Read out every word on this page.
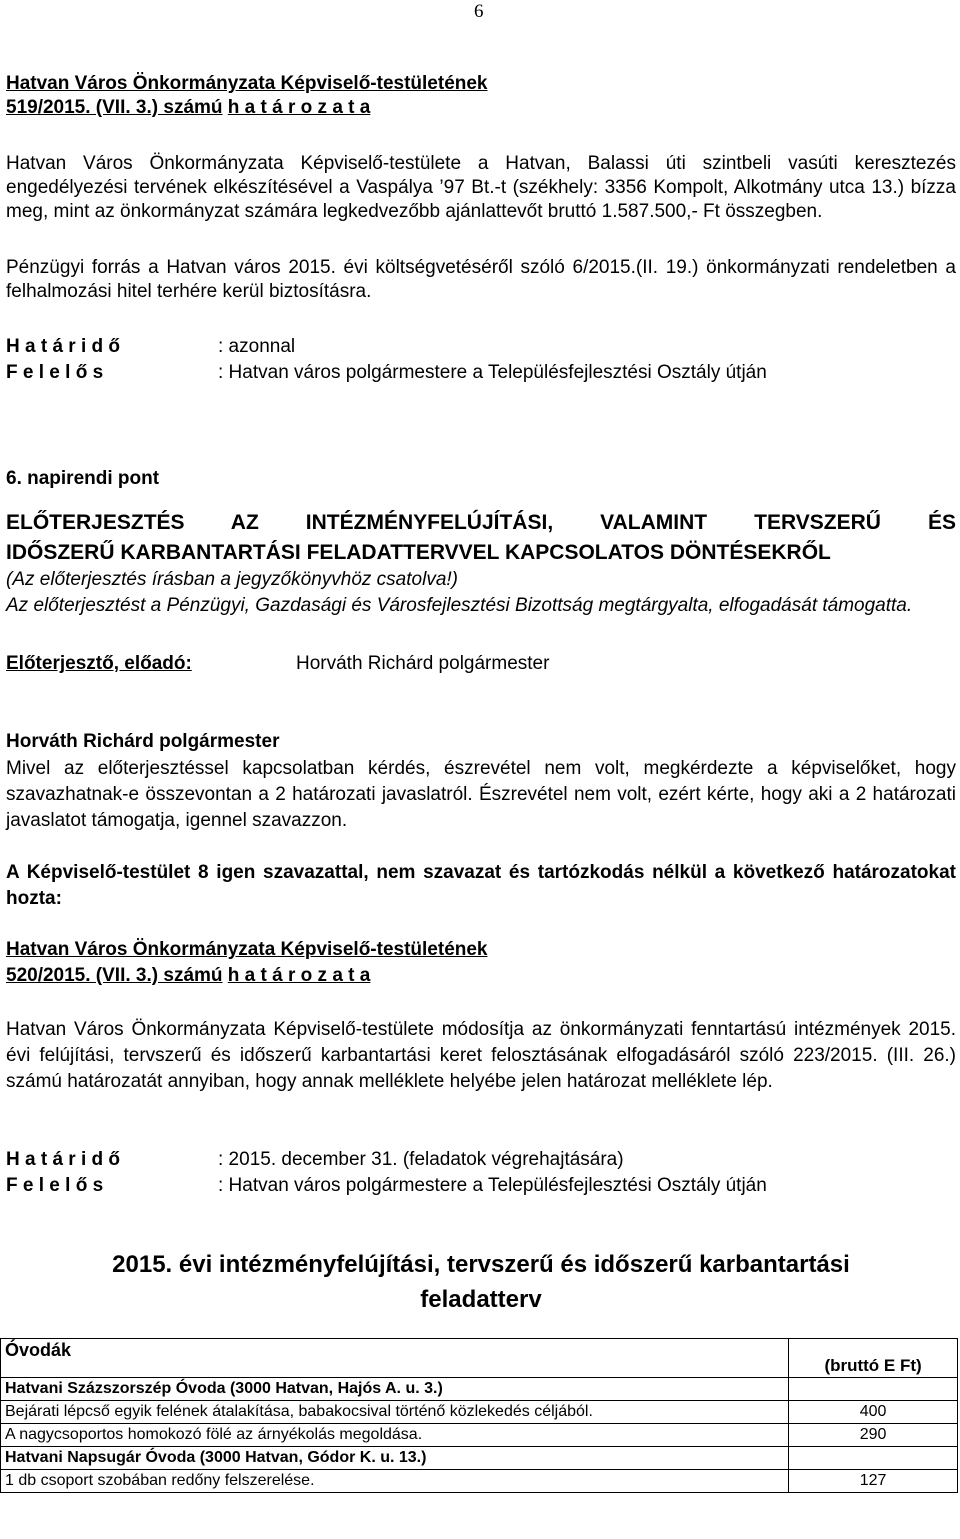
6
Hatvan Város Önkormányzata Képviselő-testületének
519/2015. (VII. 3.) számú h a t á r o z a t a
Hatvan Város Önkormányzata Képviselő-testülete a Hatvan, Balassi úti szintbeli vasúti keresztezés engedélyezési tervének elkészítésével a Vaspálya ’97 Bt.-t (székhely: 3356 Kompolt, Alkotmány utca 13.) bízza meg, mint az önkormányzat számára legkedvezőbb ajánlattevőt bruttó 1.587.500,- Ft összegben.
Pénzügyi forrás a Hatvan város 2015. évi költségvetéséről szóló 6/2015.(II. 19.) önkormányzati rendeletben a felhalmozási hitel terhére kerül biztosításra.
H a t á r i d ő	: azonnal
F e l e l ő s	: Hatvan város polgármestere a Településfejlesztési Osztály útján
6. napirendi pont
ELŐTERJESZTÉS AZ INTÉZMÉNYFELÚJÍTÁSI, VALAMINT TERVSZERŰ ÉS
IDŐSZERŰ KARBANTARTÁSI FELADATTERVVEL KAPCSOLATOS DÖNTÉSEKRŐL
(Az előterjesztés írásban a jegyzőkönyvhöz csatolva!)
Az előterjesztést a Pénzügyi, Gazdasági és Városfejlesztési Bizottság megtárgyalta, elfogadását támogatta.
Előterjesztő, előadó:	Horváth Richárd polgármester
Horváth Richárd polgármester
Mivel az előterjesztéssel kapcsolatban kérdés, észrevétel nem volt, megkérdezte a képviselőket, hogy szavazhatnak-e összevontan a 2 határozati javaslatról. Észrevétel nem volt, ezért kérte, hogy aki a 2 határozati javaslatot támogatja, igennel szavazzon.
A Képviselő-testület 8 igen szavazattal, nem szavazat és tartózkodás nélkül a következő határozatokat hozta:
Hatvan Város Önkormányzata Képviselő-testületének
520/2015. (VII. 3.) számú h a t á r o z a t a
Hatvan Város Önkormányzata Képviselő-testülete módosítja az önkormányzati fenntartású intézmények 2015. évi felújítási, tervszerű és időszerű karbantartási keret felosztásának elfogadásáról szóló 223/2015. (III. 26.) számú határozatát annyiban, hogy annak melléklete helyébe jelen határozat melléklete lép.
H a t á r i d ő	: 2015. december 31. (feladatok végrehajtására)
F e l e l ő s	: Hatvan város polgármestere a Településfejlesztési Osztály útján
2015. évi intézményfelújítási, tervszerű és időszerű karbantartási
feladatterv
Óvodák	(bruttó E Ft)
Hatvani Százszorszép Óvoda (3000 Hatvan, Hajós A. u. 3.)	
Bejárati lépcső egyik felének átalakítása, babakocsival történő közlekedés céljából.	400
A nagycsoportos homokozó fölé az árnyékolás megoldása.	290
Hatvani Napsugár Óvoda (3000 Hatvan, Gódor K. u. 13.)	
1 db csoport szobában redőny felszerelése.	127
